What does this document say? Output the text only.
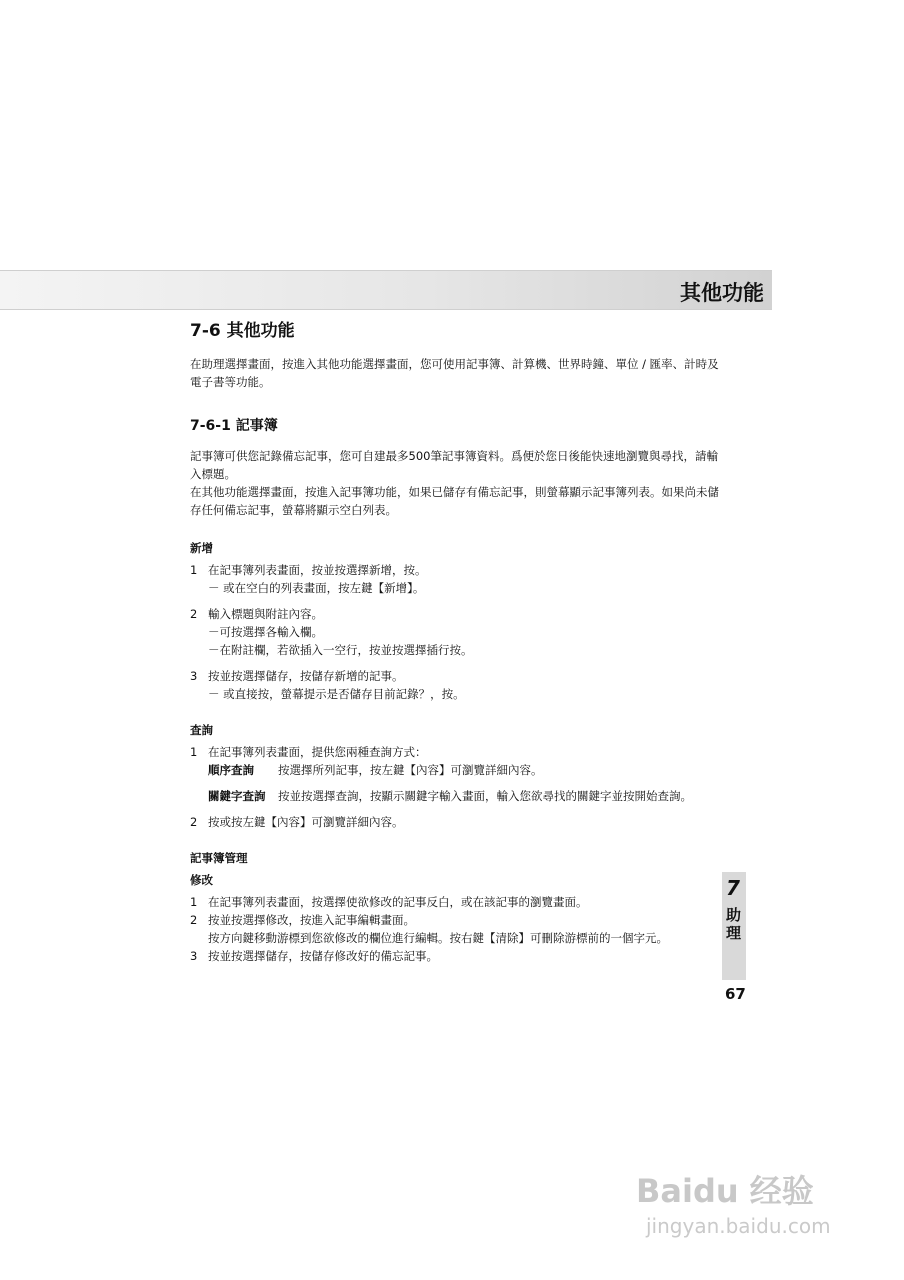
其他功能
7-6 其他功能

在助理選擇畫面，按進入其他功能選擇畫面，您可使用記事簿、計算機、世界時鐘、單位 / 匯率、計時及電子書等功能。

7-6-1 記事簿

記事簿可供您記錄備忘記事，您可自建最多500筆記事簿資料。爲便於您日後能快速地瀏覽與尋找，請輸入標題。

在其他功能選擇畫面，按進入記事簿功能，如果已儲存有備忘記事，則螢幕顯示記事簿列表。如果尚未儲存任何備忘記事，螢幕將顯示空白列表。

新增
1 在記事簿列表畫面，按並按選擇新增，按。
－ 或在空白的列表畫面，按左鍵【新增】。
2 輸入標題與附註內容。
－可按選擇各輸入欄。
－在附註欄，若欲插入一空行，按並按選擇插行按。
3 按並按選擇儲存，按儲存新增的記事。
－ 或直接按，螢幕提示是否儲存目前記錄？，按。
查詢
1 在記事簿列表畫面，提供您兩種查詢方式：
順序查詢	按選擇所列記事，按左鍵【內容】可瀏覽詳細內容。
關鍵字查詢	按並按選擇查詢，按顯示關鍵字輸入畫面，輸入您欲尋找的關鍵字並按開始查詢。
2 按或按左鍵【內容】可瀏覽詳細內容。
記事簿管理
修改
1 在記事簿列表畫面，按選擇使欲修改的記事反白，或在該記事的瀏覽畫面。
2 按並按選擇修改，按進入記事編輯畫面。
按方向鍵移動游標到您欲修改的欄位進行編輯。按右鍵【清除】可刪除游標前的一個字元。
3 按並按選擇儲存，按儲存修改好的備忘記事。
7
助理
67
Baidu 经验
jingyan.baidu.com
